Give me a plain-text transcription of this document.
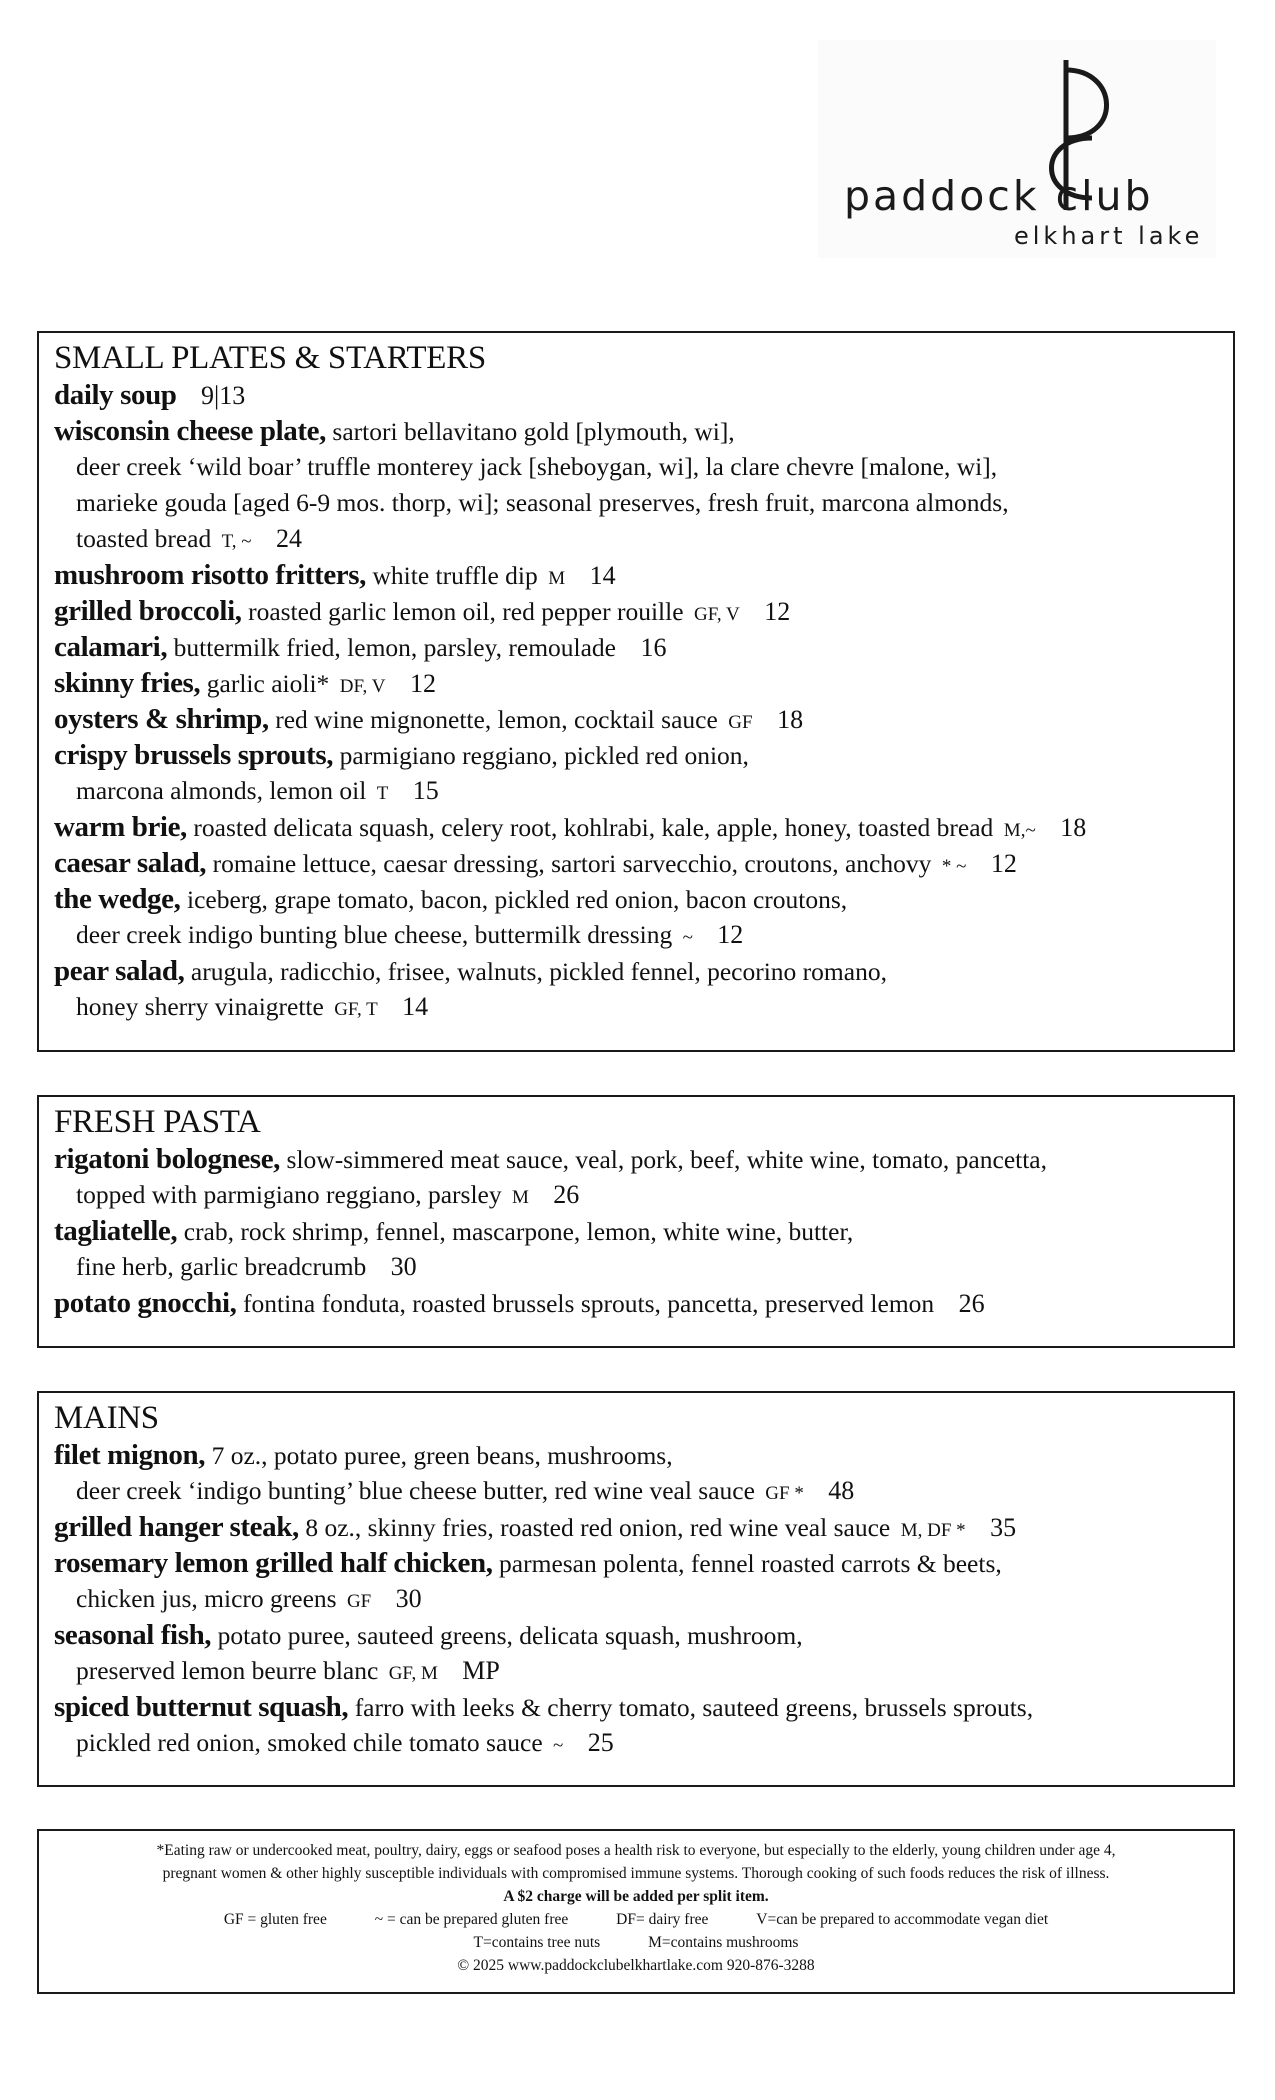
paddock club
elkhart lake
SMALL PLATES & STARTERS
daily soup 9|13
wisconsin cheese plate, sartori bellavitano gold [plymouth, wi],
deer creek ‘wild boar’ truffle monterey jack [sheboygan, wi], la clare chevre [malone, wi],
marieke gouda [aged 6-9 mos. thorp, wi]; seasonal preserves, fresh fruit, marcona almonds,
toasted bread T, ~ 24
mushroom risotto fritters, white truffle dip M 14
grilled broccoli, roasted garlic lemon oil, red pepper rouille GF, V 12
calamari, buttermilk fried, lemon, parsley, remoulade 16
skinny fries, garlic aioli* DF, V 12
oysters & shrimp, red wine mignonette, lemon, cocktail sauce GF 18
crispy brussels sprouts, parmigiano reggiano, pickled red onion,
marcona almonds, lemon oil T 15
warm brie, roasted delicata squash, celery root, kohlrabi, kale, apple, honey, toasted bread M,~ 18
caesar salad, romaine lettuce, caesar dressing, sartori sarvecchio, croutons, anchovy * ~ 12
the wedge, iceberg, grape tomato, bacon, pickled red onion, bacon croutons,
deer creek indigo bunting blue cheese, buttermilk dressing ~ 12
pear salad, arugula, radicchio, frisee, walnuts, pickled fennel, pecorino romano,
honey sherry vinaigrette GF, T 14
FRESH PASTA
rigatoni bolognese, slow-simmered meat sauce, veal, pork, beef, white wine, tomato, pancetta,
topped with parmigiano reggiano, parsley M 26
tagliatelle, crab, rock shrimp, fennel, mascarpone, lemon, white wine, butter,
fine herb, garlic breadcrumb 30
potato gnocchi, fontina fonduta, roasted brussels sprouts, pancetta, preserved lemon 26
MAINS
filet mignon, 7 oz., potato puree, green beans, mushrooms,
deer creek ‘indigo bunting’ blue cheese butter, red wine veal sauce GF * 48
grilled hanger steak, 8 oz., skinny fries, roasted red onion, red wine veal sauce M, DF * 35
rosemary lemon grilled half chicken, parmesan polenta, fennel roasted carrots & beets,
chicken jus, micro greens GF 30
seasonal fish, potato puree, sauteed greens, delicata squash, mushroom,
preserved lemon beurre blanc GF, M MP
spiced butternut squash, farro with leeks & cherry tomato, sauteed greens, brussels sprouts,
pickled red onion, smoked chile tomato sauce ~ 25
*Eating raw or undercooked meat, poultry, dairy, eggs or seafood poses a health risk to everyone, but especially to the elderly, young children under age 4,
pregnant women & other highly susceptible individuals with compromised immune systems. Thorough cooking of such foods reduces the risk of illness.
A $2 charge will be added per split item.
GF = gluten free	~ = can be prepared gluten free	DF= dairy free	V=can be prepared to accommodate vegan diet
T=contains tree nuts	M=contains mushrooms
© 2025 www.paddockclubelkhartlake.com 920-876-3288
